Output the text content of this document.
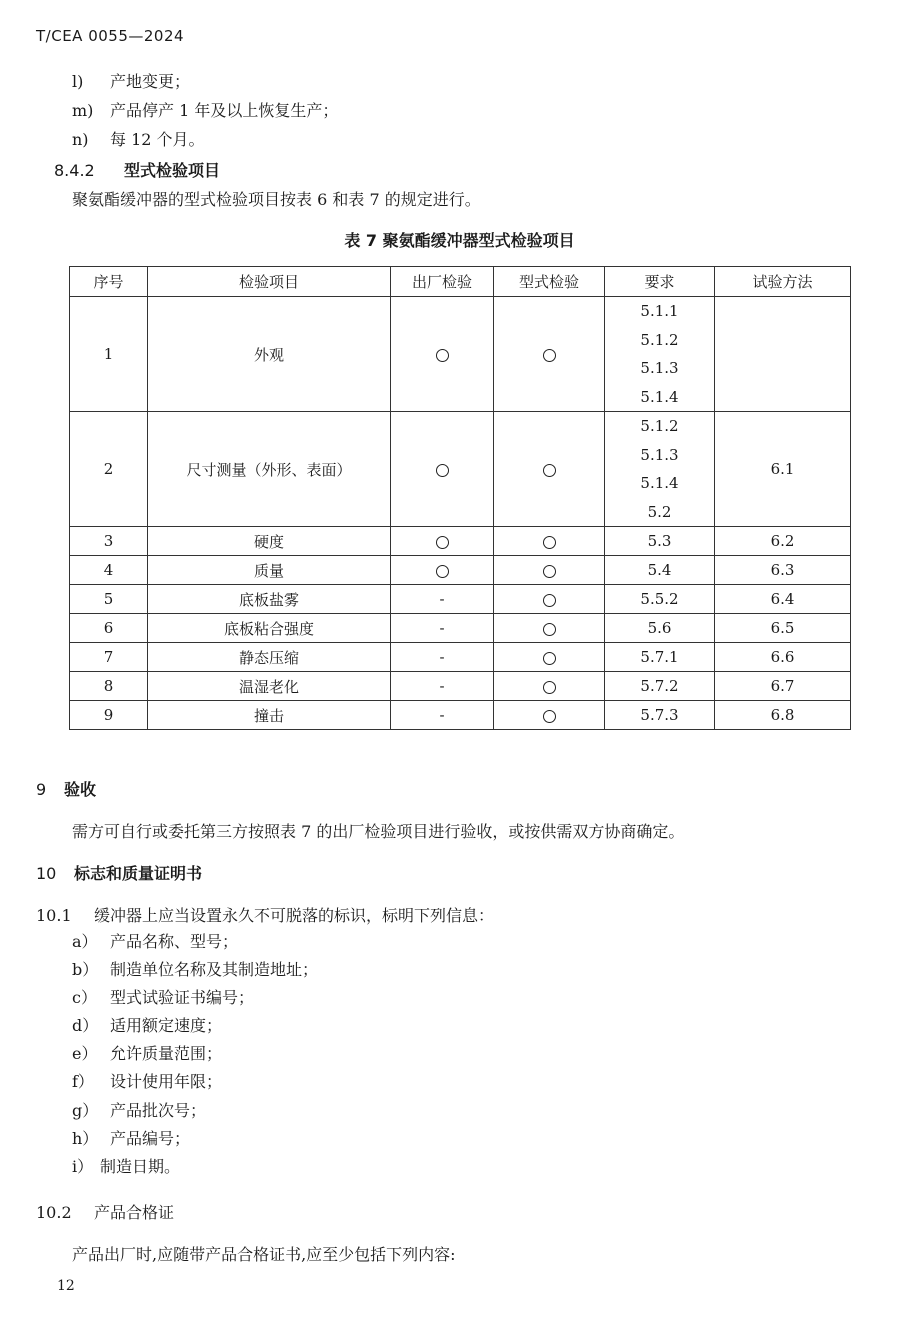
T/CEA 0055—2024
l) 产地变更；
m) 产品停产 1 年及以上恢复生产；
n) 每 12 个月。
8.4.2 型式检验项目
聚氨酯缓冲器的型式检验项目按表 6 和表 7 的规定进行。
表 7 聚氨酯缓冲器型式检验项目
序号	检验项目	出厂检验	型式检验	要求	试验方法
1	外观			5.1.1
5.1.2
5.1.3
5.1.4	

2	尺寸测量（外形、表面）			5.1.2
5.1.3
5.1.4
5.2	6.1
3	硬度			5.3	6.2
4	质量			5.4	6.3
5	底板盐雾	-		5.5.2	6.4
6	底板粘合强度	-		5.6	6.5
7	静态压缩	-		5.7.1	6.6
8	温湿老化	-		5.7.2	6.7
9	撞击	-		5.7.3	6.8
9 验收
需方可自行或委托第三方按照表 7 的出厂检验项目进行验收，或按供需双方协商确定。
10 标志和质量证明书
10.1 缓冲器上应当设置永久不可脱落的标识，标明下列信息：
a） 产品名称、型号；
b） 制造单位名称及其制造地址；
c） 型式试验证书编号；
d） 适用额定速度；
e） 允许质量范围；
f） 设计使用年限；
g） 产品批次号；
h） 产品编号；
i） 制造日期。
10.2 产品合格证
产品出厂时,应随带产品合格证书,应至少包括下列内容:
12
